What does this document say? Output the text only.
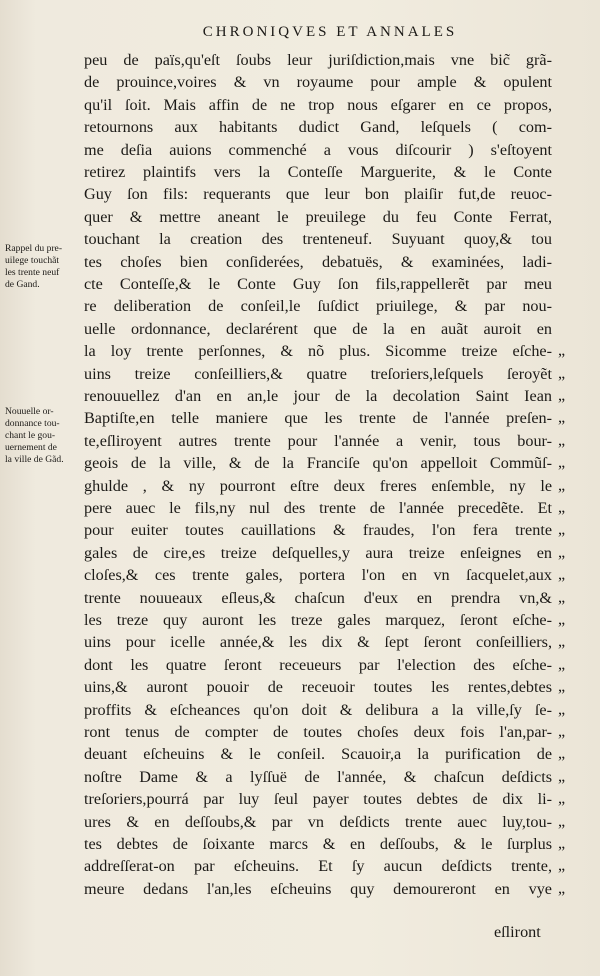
CHRONIQVES ET ANNALES
Rappel du pre-
uilege touchãt
les trente neuf
de Gand.
Nouuelle or-
donnance tou-
chant le gou-
uernement de
la ville de Gãd.
peu de païs,qu'eſt ſoubs leur juriſdiction,mais vne bic̃ grã-
de prouince,voires & vn royaume pour ample & opulent
qu'il ſoit. Mais affin de ne trop nous eſgarer en ce propos,
retournons aux habitants dudict Gand, leſquels ( com-
me deſia auions commenché a vous diſcourir ) s'eſtoyent
retirez plaintifs vers la Conteſſe Marguerite, & le Conte
Guy ſon fils: requerants que leur bon plaiſir fut,de reuoc-
quer & mettre aneant le preuilege du feu Conte Ferrat,
touchant la creation des trenteneuf. Suyuant quoy,& tou
tes choſes bien conſiderées, debatuës, & examinées, ladi-
cte Conteſſe,& le Conte Guy ſon fils,rappellerẽt par meu
re deliberation de conſeil,le ſuſdict priuilege, & par nou-
uelle ordonnance, declarérent que de la en auãt auroit en
la loy trente perſonnes, & nõ plus. Sicomme treize eſche- „
uins treize conſeilliers,& quatre treſoriers,leſquels ſeroyẽt „
renouuellez d'an en an,le jour de la decolation Saint Iean „
Baptiſte,en telle maniere que les trente de l'année preſen- „
te,eſliroyent autres trente pour l'année a venir, tous bour- „
geois de la ville, & de la Franciſe qu'on appelloit Commũſ- „
ghulde , & ny pourront eſtre deux freres enſemble, ny le „
pere auec le fils,ny nul des trente de l'année precedẽte. Et „
pour euiter toutes cauillations & fraudes, l'on fera trente „
gales de cire,es treize deſquelles,y aura treize enſeignes en „
cloſes,& ces trente gales, portera l'on en vn ſacquelet,aux „
trente nouueaux eſleus,& chaſcun d'eux en prendra vn,& „
les treze quy auront les treze gales marquez, ſeront eſche- „
uins pour icelle année,& les dix & ſept ſeront conſeilliers, „
dont les quatre ſeront receueurs par l'election des eſche- „
uins,& auront pouoir de receuoir toutes les rentes,debtes „
proffits & eſcheances qu'on doit & delibura a la ville,ſy ſe- „
ront tenus de compter de toutes choſes deux fois l'an,par- „
deuant eſcheuins & le conſeil. Scauoir,a la purification de „
noſtre Dame & a lyſſuë de l'année, & chaſcun deſdicts „
treſoriers,pourrá par luy ſeul payer toutes debtes de dix li- „
ures & en deſſoubs,& par vn deſdicts trente auec luy,tou- „
tes debtes de ſoixante marcs & en deſſoubs, & le ſurplus „
addreſſerat-on par eſcheuins. Et ſy aucun deſdicts trente, „
meure dedans l'an,les eſcheuins quy demoureront en vye „
eſliront
